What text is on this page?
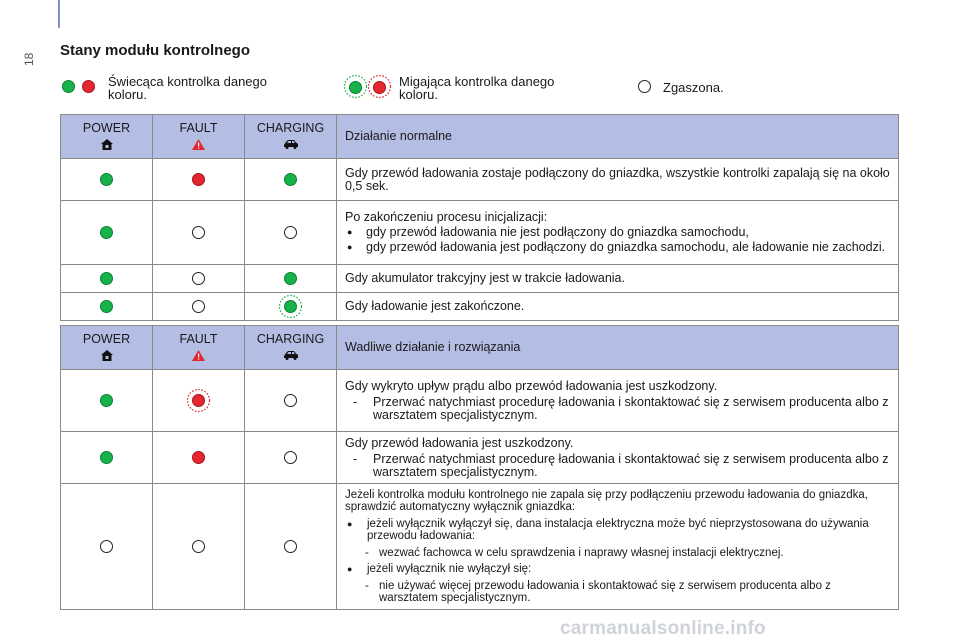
18
Stany modułu kontrolnego
Świecąca kontrolka danego
koloru.
Migająca kontrolka danego
koloru.	Zgaszona.
POWER	FAULT	CHARGING	Działanie normalne
			Gdy przewód ładowania zostaje podłączony do gniazdka, wszystkie kontrolki zapalają się na około 0,5 sek.

			Po zakończeniu procesu inicjalizacji:
● gdy przewód ładowania nie jest podłączony do gniazdka samochodu,
● gdy przewód ładowania jest podłączony do gniazdka samochodu, ale ładowanie nie zachodzi.

			Gdy akumulator trakcyjny jest w trakcie ładowania.

	Gdy ładowanie jest zakończone.
POWER	FAULT	CHARGING	Wadliwe działanie i rozwiązania

Gdy wykryto upływ prądu albo przewód ładowania jest uszkodzony.
- Przerwać natychmiast procedurę ładowania i skontaktować się z serwisem producenta albo z warsztatem specjalistycznym.

			Gdy przewód ładowania jest uszkodzony.
- Przerwać natychmiast procedurę ładowania i skontaktować się z serwisem producenta albo z warsztatem specjalistycznym.

			Jeżeli kontrolka modułu kontrolnego nie zapala się przy podłączeniu przewodu ładowania do gniazdka, sprawdzić automatyczny wyłącznik gniazdka:
● jeżeli wyłącznik wyłączył się, dana instalacja elektryczna może być nieprzystosowana do używania przewodu ładowania:
- wezwać fachowca w celu sprawdzenia i naprawy własnej instalacji elektrycznej.
● jeżeli wyłącznik nie wyłączył się:
- nie używać więcej przewodu ładowania i skontaktować się z serwisem producenta albo z warsztatem specjalistycznym.
carmanualsonline.info
